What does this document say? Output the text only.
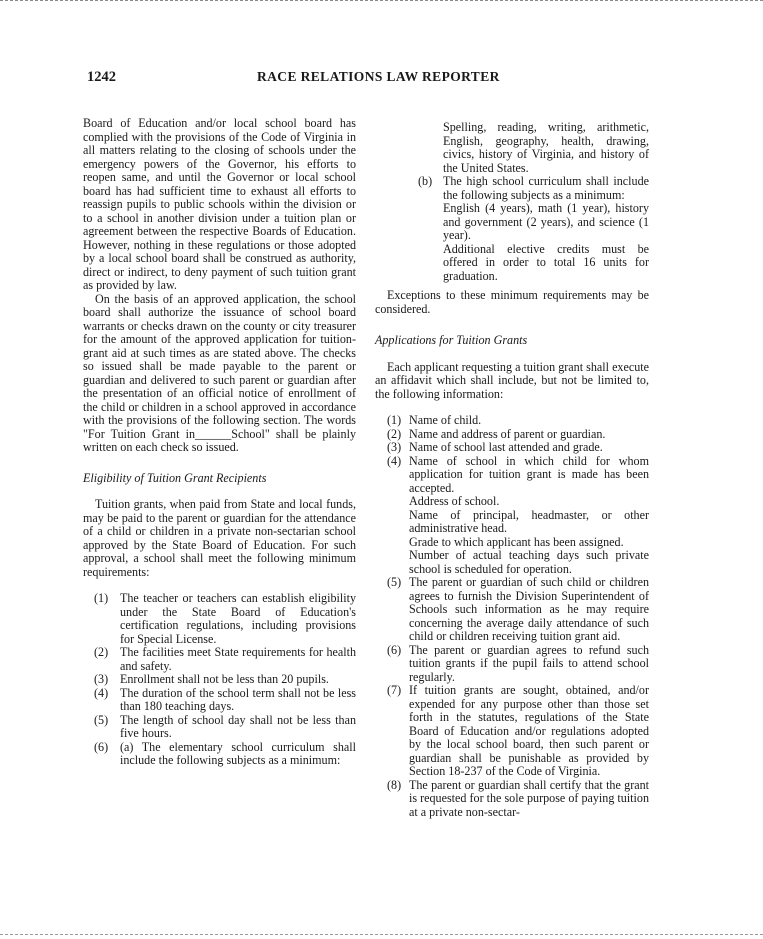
1242	RACE RELATIONS LAW REPORTER

Board of Education and/or local school board has complied with the provisions of the Code of Virginia in all matters relating to the closing of schools under the emergency powers of the Governor, his efforts to reopen same, and until the Governor or local school board has had sufficient time to exhaust all efforts to reassign pupils to public schools within the division or to a school in another division under a tuition plan or agreement between the respective Boards of Education. However, nothing in these regulations or those adopted by a local school board shall be construed as authority, direct or indirect, to deny payment of such tuition grant as provided by law.

On the basis of an approved application, the school board shall authorize the issuance of school board warrants or checks drawn on the county or city treasurer for the amount of the approved application for tuition-grant aid at such times as are stated above. The checks so issued shall be made payable to the parent or guardian and delivered to such parent or guardian after the presentation of an official notice of enrollment of the child or children in a school approved in accordance with the provisions of the following section. The words "For Tuition Grant in______School" shall be plainly written on each check so issued.

Eligibility of Tuition Grant Recipients

Tuition grants, when paid from State and local funds, may be paid to the parent or guardian for the attendance of a child or children in a private non-sectarian school approved by the State Board of Education. For such approval, a school shall meet the following minimum requirements:

(1) The teacher or teachers can establish eligibility under the State Board of Education's certification regulations, including provisions for Special License.

(2) The facilities meet State requirements for health and safety.

(3) Enrollment shall not be less than 20 pupils.

(4) The duration of the school term shall not be less than 180 teaching days.

(5) The length of school day shall not be less than five hours.

(6) (a) The elementary school curriculum shall include the following subjects as a minimum:

Spelling, reading, writing, arithmetic, English, geography, health, drawing, civics, history of Virginia, and history of the United States.

(b) The high school curriculum shall include the following subjects as a minimum:

English (4 years), math (1 year), history and government (2 years), and science (1 year).

Additional elective credits must be offered in order to total 16 units for graduation.

Exceptions to these minimum requirements may be considered.

Applications for Tuition Grants

Each applicant requesting a tuition grant shall execute an affidavit which shall include, but not be limited to, the following information:

(1) Name of child.

(2) Name and address of parent or guardian.

(3) Name of school last attended and grade.

(4) Name of school in which child for whom application for tuition grant is made has been accepted.

Address of school.

Name of principal, headmaster, or other administrative head.

Grade to which applicant has been assigned.

Number of actual teaching days such private school is scheduled for operation.

(5) The parent or guardian of such child or children agrees to furnish the Division Superintendent of Schools such information as he may require concerning the average daily attendance of such child or children receiving tuition grant aid.

(6) The parent or guardian agrees to refund such tuition grants if the pupil fails to attend school regularly.

(7) If tuition grants are sought, obtained, and/or expended for any purpose other than those set forth in the statutes, regulations of the State Board of Education and/or regulations adopted by the local school board, then such parent or guardian shall be punishable as provided by Section 18-237 of the Code of Virginia.

(8) The parent or guardian shall certify that the grant is requested for the sole purpose of paying tuition at a private non-sectar-
